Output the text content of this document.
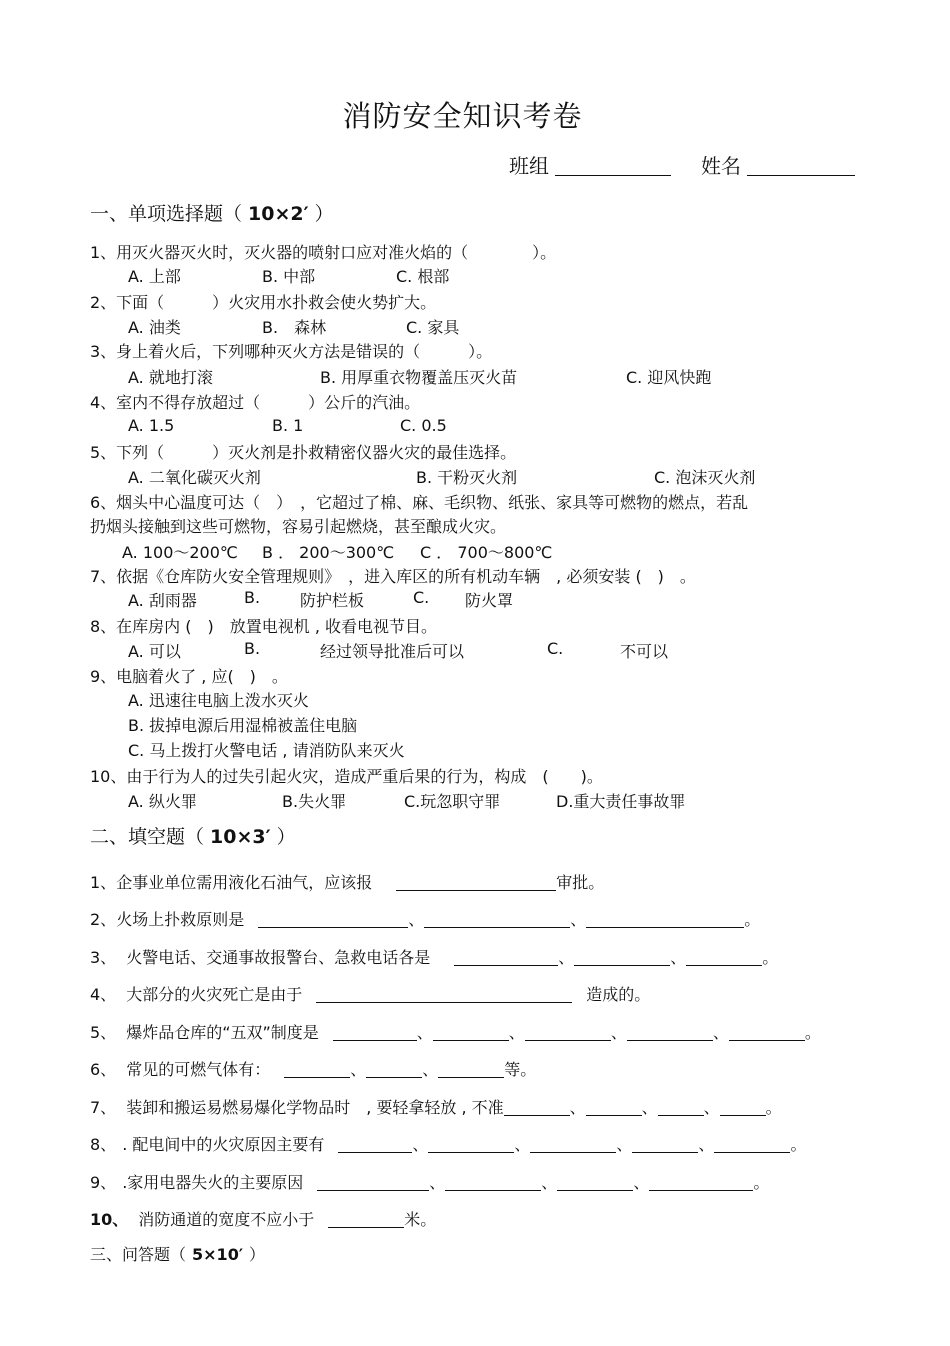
消防安全知识考卷
班组	姓名
一、单项选择题（ 10×2′ ）
1、用灭火器灭火时，灭火器的喷射口应对准火焰的（　　　　）。
A. 上部	B. 中部	C. 根部
2、下面（　　　）火灾用水扑救会使火势扩大。
A. 油类	B.　森林	C. 家具
3、身上着火后，下列哪种灭火方法是错误的（　　　）。
A. 就地打滚	B. 用厚重衣物覆盖压灭火苗	C. 迎风快跑
4、室内不得存放超过（　　　）公斤的汽油。
A. 1.5	B. 1	C. 0.5
5、下列（　　　）灭火剂是扑救精密仪器火灾的最佳选择。
A. 二氧化碳灭火剂	B. 干粉灭火剂	C. 泡沫灭火剂
6、烟头中心温度可达（　）　，它超过了棉、麻、毛织物、纸张、家具等可燃物的燃点，若乱
扔烟头接触到这些可燃物，容易引起燃烧，甚至酿成火灾。
A. 100～200℃ B ． 200～300℃ C ． 700～800℃
7、依据《仓库防火安全管理规则》　，进入库区的所有机动车辆　, 必须安装 (　)　。
A. 刮雨器	B. 防护栏板	C. 防火罩
8、在库房内 (　)　放置电视机 , 收看电视节目。
A. 可以	B.	经过领导批准后可以	C.	不可以
9、电脑着火了 , 应(　)　。
A. 迅速往电脑上泼水灭火
B. 拔掉电源后用湿棉被盖住电脑
C. 马上拨打火警电话 , 请消防队来灭火
10、由于行为人的过失引起火灾，造成严重后果的行为，构成　(　　)。
A. 纵火罪	B.失火罪	C.玩忽职守罪	D.重大责任事故罪
二、填空题（ 10×3′ ）
1、企事业单位需用液化石油气，应该报	审批。
2、火场上扑救原则是	、	、	。
3、 火警电话、交通事故报警台、急救电话各是	、	、	。
4、 大部分的火灾死亡是由于	造成的。
5、 爆炸品仓库的“五双”制度是	、	、	、	、	。
6、 常见的可燃气体有：	、	、	等。
7、 装卸和搬运易燃易爆化学物品时　, 要轻拿轻放 , 不准	、	、	、	。
8、 . 配电间中的火灾原因主要有	、	、	、	、	。
9、 .家用电器失火的主要原因	、	、	、	。
10、 消防通道的宽度不应小于	米。
三、问答题（ 5×10′ ）
